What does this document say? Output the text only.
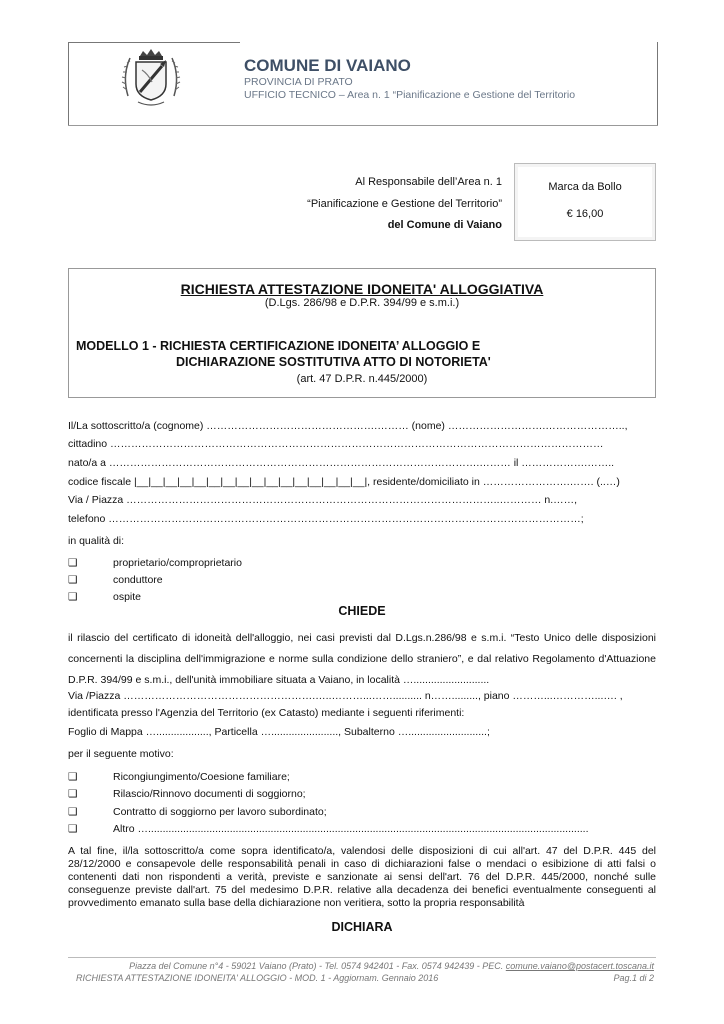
COMUNE DI VAIANO
PROVINCIA DI PRATO
UFFICIO TECNICO – Area n. 1 “Pianificazione e Gestione del Territorio
Al Responsabile dell’Area n. 1
“Pianificazione e Gestione del Territorio”
del Comune di Vaiano
Marca da Bollo
€ 16,00
RICHIESTA ATTESTAZIONE IDONEITA' ALLOGGIATIVA
(D.Lgs. 286/98 e D.P.R. 394/99 e s.m.i.)
MODELLO 1 - RICHIESTA CERTIFICAZIONE IDONEITA’ ALLOGGIO E
DICHIARAZIONE SOSTITUTIVA ATTO DI NOTORIETA'
(art. 47 D.P.R. n.445/2000)
Il/La sottoscritto/a (cognome) ………………………………………….……… (nome) ……………………….…………………..,
cittadino ……………………………………………………………………………………………………………………………
nato/a a …………………………………………………………………………………………….……… il ……………….……..
codice fiscale |__|__|__|__|__|__|__|__|__|__|__|__|__|__|__|__|, residente/domiciliato in …………………….……. (..…)
Via / Piazza ……………………………………………………………………………………………..………… n.……,
telefono ………………………………………………………………………………………………………………………;
in qualità di:
❑	proprietario/comproprietario
❑	conduttore
❑	ospite
CHIEDE
il rilascio del certificato di idoneità dell'alloggio, nei casi previsti dal D.Lgs.n.286/98 e s.m.i. “Testo Unico delle disposizioni concernenti la disciplina dell'immigrazione e norme sulla condizione dello straniero”, e dal relativo Regolamento d'Attuazione D.P.R. 394/99 e s.m.i., dell'unità immobiliare situata a Vaiano, in località …..........................
Via /Piazza ……………………………………………….…..………...…….......... n……........., piano ………...…………...…. ,
identificata presso l'Agenzia del Territorio (ex Catasto) mediante i seguenti riferimenti:
Foglio di Mappa ….................., Particella …......................., Subalterno …...........................;
per il seguente motivo:
❑	Ricongiungimento/Coesione familiare;
❑	Rilascio/Rinnovo documenti di soggiorno;
❑	Contratto di soggiorno per lavoro subordinato;
❑	Altro ….......................................................................................................................................................
A tal fine, il/la sottoscritto/a come sopra identificato/a, valendosi delle disposizioni di cui all'art. 47 del D.P.R. 445 del 28/12/2000 e consapevole delle responsabilità penali in caso di dichiarazioni false o mendaci o esibizione di atti falsi o contenenti dati non rispondenti a verità, previste e sanzionate ai sensi dell'art. 76 del D.P.R. 445/2000, nonché sulle conseguenze previste dall'art. 75 del medesimo D.P.R. relative alla decadenza dei benefici eventualmente conseguenti al provvedimento emanato sulla base della dichiarazione non veritiera, sotto la propria responsabilità
DICHIARA
Piazza del Comune n°4 - 59021 Vaiano (Prato) - Tel. 0574 942401 - Fax. 0574 942439 - PEC. comune.vaiano@postacert.toscana.it
RICHIESTA ATTESTAZIONE IDONEITA' ALLOGGIO - MOD. 1 - Aggiornam. Gennaio 2016	Pag.1 di 2
